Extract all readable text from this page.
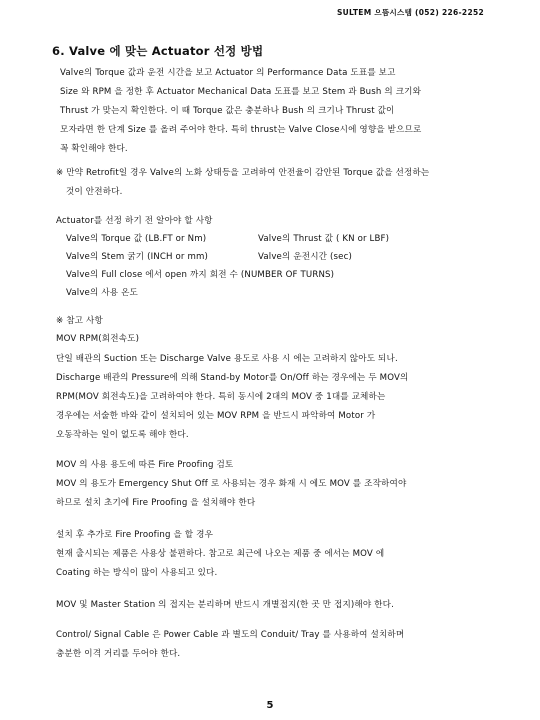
SULTEM 으뜸시스템 (052) 226-2252
6. Valve 에 맞는 Actuator 선정 방법
Valve의 Torque 값과 운전 시간을 보고 Actuator 의 Performance Data 도표를 보고
Size 와 RPM 을 정한 후 Actuator Mechanical Data 도표를 보고 Stem 과 Bush 의 크기와
Thrust 가 맞는지 확인한다. 이 때 Torque 값은 충분하나 Bush 의 크기나 Thrust 값이
모자라면 한 단계 Size 를 올려 주어야 한다. 특히 thrust는 Valve Close시에 영향을 받으므로
꼭 확인해야 한다.
※ 만약 Retrofit일 경우 Valve의 노화 상태등을 고려하여 안전율이 감안된 Torque 값을 선정하는
것이 안전하다.
Actuator를 선정 하기 전 알아야 할 사항
Valve의 Torque 값 (LB.FT or Nm)	Valve의 Thrust 값 ( KN or LBF)
Valve의 Stem 굵기 (INCH or mm)	Valve의 운전시간 (sec)
Valve의 Full close 에서 open 까지 회전 수 (NUMBER OF TURNS)
Valve의 사용 온도
※ 참고 사항
MOV RPM(회전속도)
단일 배관의 Suction 또는 Discharge Valve 용도로 사용 시 에는 고려하지 않아도 되나.
Discharge 배관의 Pressure에 의해 Stand-by Motor를 On/Off 하는 경우에는 두 MOV의
RPM(MOV 회전속도)을 고려하여야 한다. 특히 동시에 2대의 MOV 중 1대를 교체하는
경우에는 서술한 바와 같이 설치되어 있는 MOV RPM 을 반드시 파악하여 Motor 가
오동작하는 일이 없도록 해야 한다.
MOV 의 사용 용도에 따른 Fire Proofing 검토
MOV 의 용도가 Emergency Shut Off 로 사용되는 경우 화재 시 에도 MOV 를 조작하여야
하므로 설치 초기에 Fire Proofing 을 설치해야 한다
설치 후 추가로 Fire Proofing 을 할 경우
현재 출시되는 제품은 사용상 불편하다. 참고로 최근에 나오는 제품 중 에서는 MOV 에
Coating 하는 방식이 많이 사용되고 있다.
MOV 및 Master Station 의 접지는 분리하며 반드시 개별접지(한 곳 만 접지)해야 한다.
Control/ Signal Cable 은 Power Cable 과 별도의 Conduit/ Tray 를 사용하여 설치하며
충분한 이격 거리를 두어야 한다.
5
